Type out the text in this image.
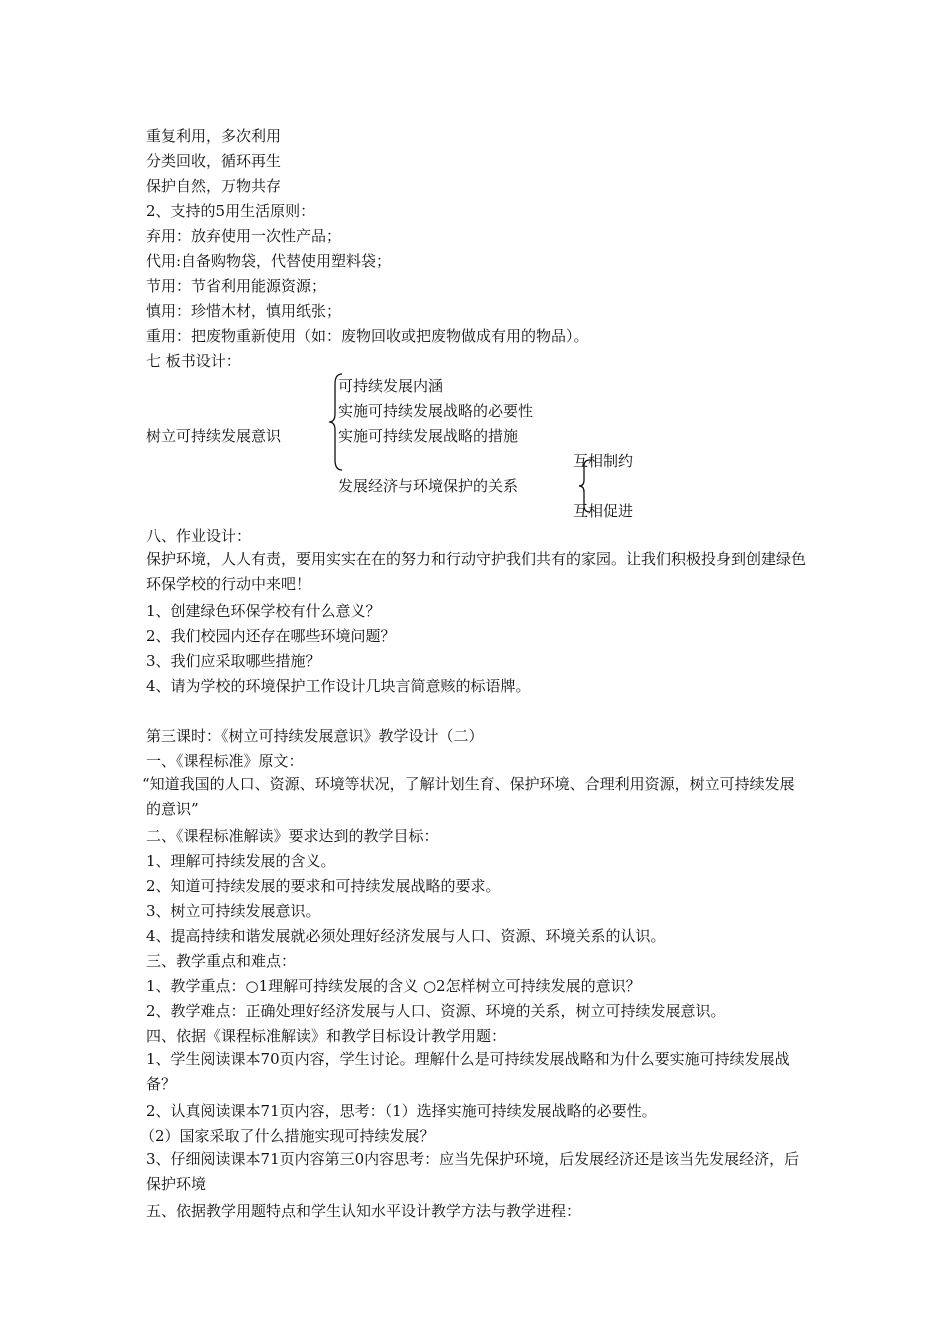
重复利用，多次利用
分类回收，循环再生
保护自然，万物共存
2、支持的5用生活原则：
弃用：放弃使用一次性产品；
代用:自备购物袋，代替使用塑料袋；
节用：节省利用能源资源；
慎用：珍惜木材，慎用纸张；
重用：把废物重新使用（如：废物回收或把废物做成有用的物品）。
七 板书设计：
树立可持续发展意识
可持续发展内涵
实施可持续发展战略的必要性
实施可持续发展战略的措施
发展经济与环境保护的关系
互相制约
互相促进
八、作业设计：
保护环境，人人有责，要用实实在在的努力和行动守护我们共有的家园。让我们积极投身到创建绿色环保学校的行动中来吧！
1、创建绿色环保学校有什么意义？
2、我们校园内还存在哪些环境问题？
3、我们应采取哪些措施？
4、请为学校的环境保护工作设计几块言简意赅的标语牌。
第三课时：《树立可持续发展意识》教学设计（二）
一、《课程标准》原文：
“知道我国的人口、资源、环境等状况，了解计划生育、保护环境、合理利用资源，树立可持续发展的意识”
二、《课程标准解读》要求达到的教学目标：
1、理解可持续发展的含义。
2、知道可持续发展的要求和可持续发展战略的要求。
3、树立可持续发展意识。
4、提高持续和谐发展就必须处理好经济发展与人口、资源、环境关系的认识。
三、教学重点和难点：
1、教学重点：○1理解可持续发展的含义 ○2怎样树立可持续发展的意识？
2、教学难点：正确处理好经济发展与人口、资源、环境的关系，树立可持续发展意识。
四、依据《课程标准解读》和教学目标设计教学用题：
1、学生阅读课本70页内容，学生讨论。理解什么是可持续发展战略和为什么要实施可持续发展战备？
2、认真阅读课本71页内容，思考：（1）选择实施可持续发展战略的必要性。
（2）国家采取了什么措施实现可持续发展？
3、仔细阅读课本71页内容第三0内容思考：应当先保护环境，后发展经济还是该当先发展经济，后保护环境
五、依据教学用题特点和学生认知水平设计教学方法与教学进程：
